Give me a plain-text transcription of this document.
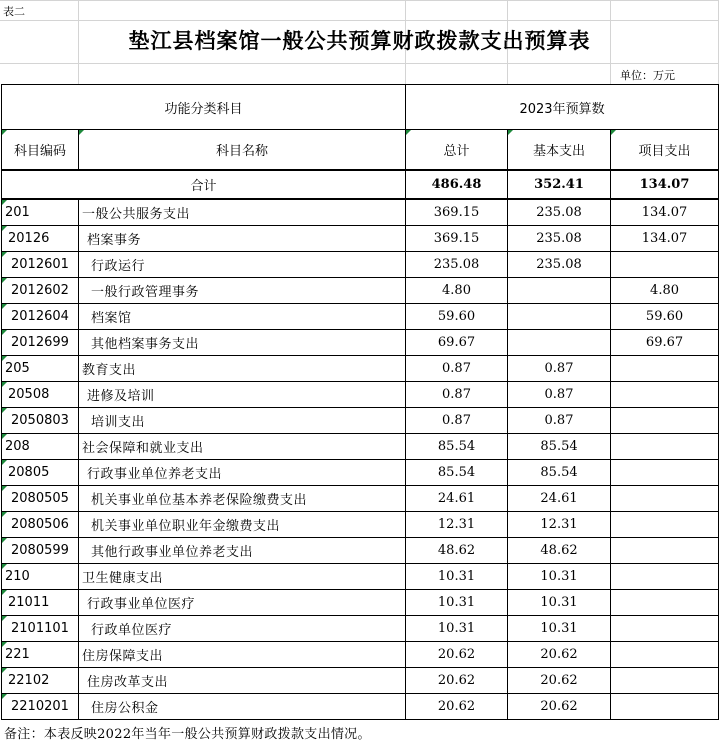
表二
垫江县档案馆一般公共预算财政拨款支出预算表
单位：万元
功能分类科目		2023年预算数		
科目编码	科目名称	总计	基本支出	项目支出
合计		486.48	352.41	134.07
201	一般公共服务支出	369.15	235.08	134.07
20126	档案事务	369.15	235.08	134.07
2012601	行政运行	235.08	235.08	
2012602	一般行政管理事务	4.80		4.80
2012604	档案馆	59.60		59.60
2012699	其他档案事务支出	69.67		69.67
205	教育支出	0.87	0.87	
20508	进修及培训	0.87	0.87	
2050803	培训支出	0.87	0.87	
208	社会保障和就业支出	85.54	85.54	
20805	行政事业单位养老支出	85.54	85.54	
2080505	机关事业单位基本养老保险缴费支出	24.61	24.61	
2080506	机关事业单位职业年金缴费支出	12.31	12.31	
2080599	其他行政事业单位养老支出	48.62	48.62	
210	卫生健康支出	10.31	10.31	
21011	行政事业单位医疗	10.31	10.31	
2101101	行政单位医疗	10.31	10.31	
221	住房保障支出	20.62	20.62	
22102	住房改革支出	20.62	20.62	
2210201	住房公积金	20.62	20.62	
备注：本表反映2022年当年一般公共预算财政拨款支出情况。
